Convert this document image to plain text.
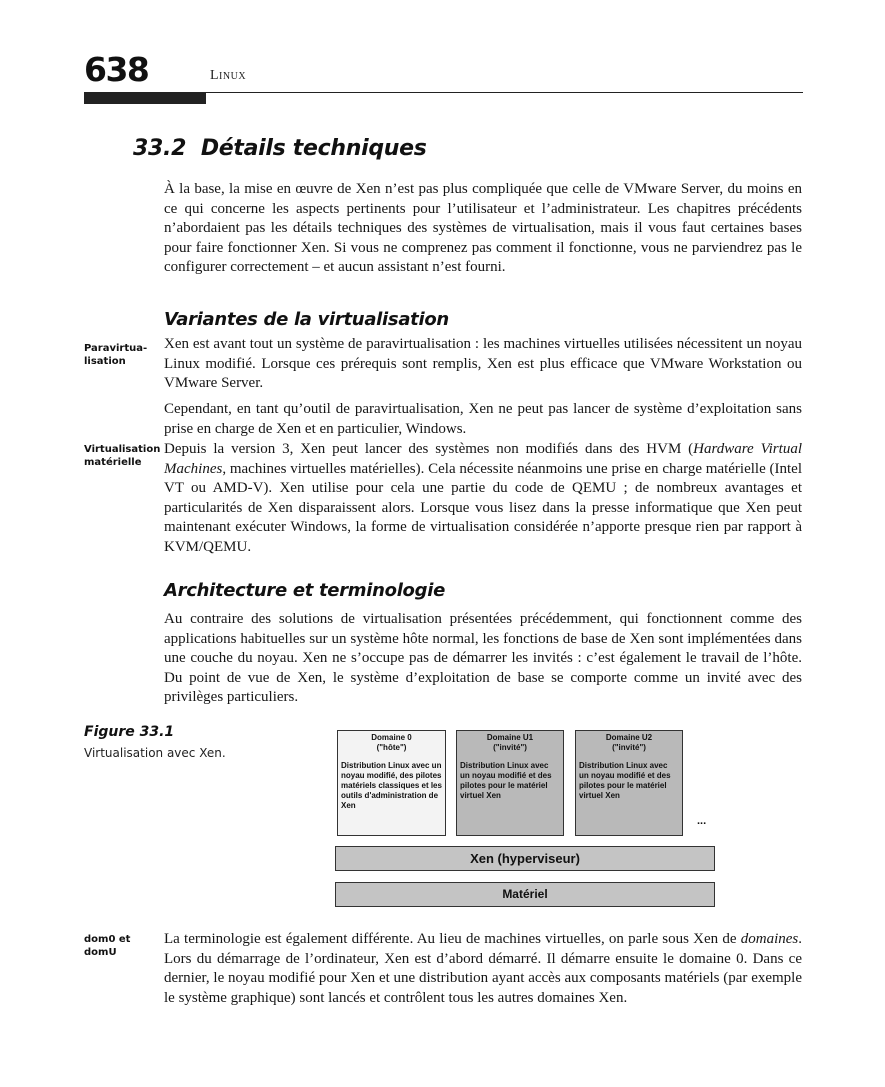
638	Linux
33.2 Détails techniques

À la base, la mise en œuvre de Xen n’est pas plus compliquée que celle de VMware Server, du moins en ce qui concerne les aspects pertinents pour l’utilisateur et l’administrateur. Les chapitres précédents n’abordaient pas les détails techniques des systèmes de virtualisation, mais il vous faut certaines bases pour faire fonctionner Xen. Si vous ne comprenez pas comment il fonctionne, vous ne parviendrez pas le configurer correctement – et aucun assistant n’est fourni.

Variantes de la virtualisation
Paravirtua-lisation

Xen est avant tout un système de paravirtualisation : les machines virtuelles utilisées nécessitent un noyau Linux modifié. Lorsque ces prérequis sont remplis, Xen est plus efficace que VMware Workstation ou VMware Server.

Cependant, en tant qu’outil de paravirtualisation, Xen ne peut pas lancer de système d’exploitation sans prise en charge de Xen et en particulier, Windows.

Virtualisation matérielle

Depuis la version 3, Xen peut lancer des systèmes non modifiés dans des HVM (Hardware Virtual Machines, machines virtuelles matérielles). Cela nécessite néanmoins une prise en charge matérielle (Intel VT ou AMD-V). Xen utilise pour cela une partie du code de QEMU ; de nombreux avantages et particularités de Xen disparaissent alors. Lorsque vous lisez dans la presse informatique que Xen peut maintenant exécuter Windows, la forme de virtualisation considérée n’apporte presque rien par rapport à KVM/QEMU.

Architecture et terminologie

Au contraire des solutions de virtualisation présentées précédemment, qui fonctionnent comme des applications habituelles sur un système hôte normal, les fonctions de base de Xen sont implémentées dans une couche du noyau. Xen ne s’occupe pas de démarrer les invités : c’est également le travail de l’hôte. Du point de vue de Xen, le système d’exploitation de base se comporte comme un invité avec des privilèges particuliers.

Figure 33.1
Virtualisation avec Xen.
Domaine 0
("hôte")
Distribution Linux avec un noyau modifié, des pilotes matériels classiques et les outils d'administration de Xen
Domaine U1
("invité")
Distribution Linux avec un noyau modifié et des pilotes pour le matériel virtuel Xen
Domaine U2
("invité")
Distribution Linux avec un noyau modifié et des pilotes pour le matériel virtuel Xen
...
Xen (hyperviseur)
Matériel
dom0 et domU

La terminologie est également différente. Au lieu de machines virtuelles, on parle sous Xen de domaines. Lors du démarrage de l’ordinateur, Xen est d’abord démarré. Il démarre ensuite le domaine 0. Dans ce dernier, le noyau modifié pour Xen et une distribution ayant accès aux composants matériels (par exemple le système graphique) sont lancés et contrôlent tous les autres domaines Xen.
